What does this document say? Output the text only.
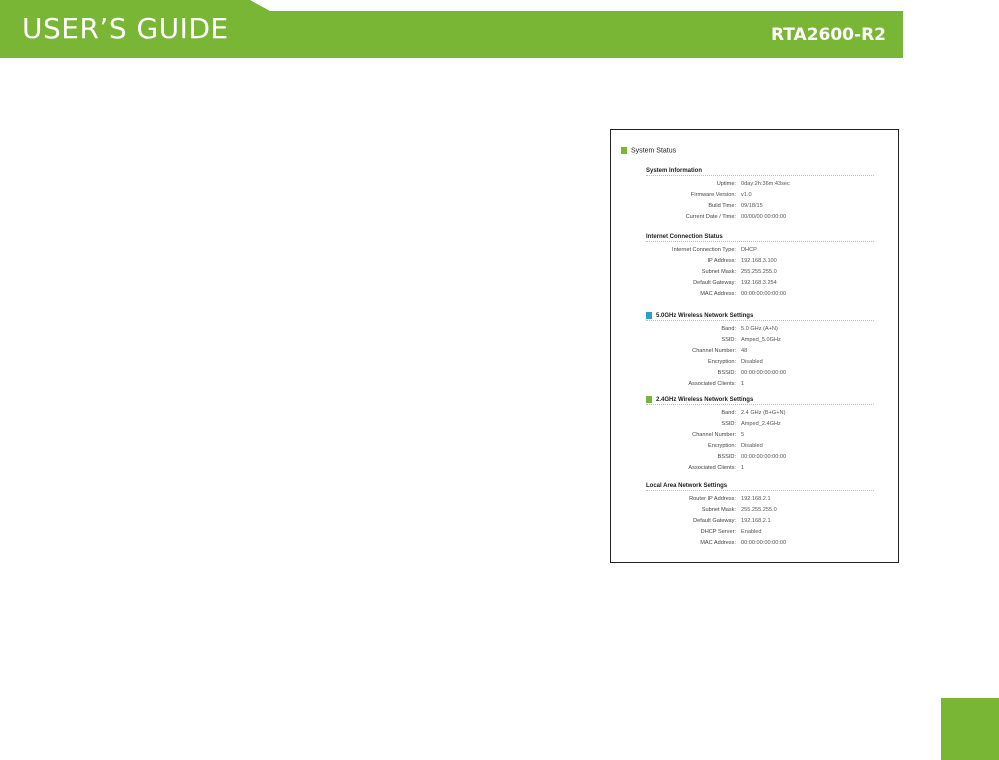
USER’S GUIDE	RTA2600-R2
System Status
System Information
Uptime: 0day:2h:36m:43sec
Firmware Version: v1.0
Build Time: 09/18/15
Current Date / Time: 00/00/00 00:00:00
Internet Connection Status
Internet Connection Type: DHCP
IP Address: 192.168.3.100
Subnet Mask: 255.255.255.0
Default Gateway: 192.168.3.254
MAC Address: 00:00:00:00:00:00
5.0GHz Wireless Network Settings
Band: 5.0 GHz (A+N)
SSID: Amped_5.0GHz
Channel Number: 48
Encryption: Disabled
BSSID: 00:00:00:00:00:00
Associated Clients: 1
2.4GHz Wireless Network Settings
Band: 2.4 GHz (B+G+N)
SSID: Amped_2.4GHz
Channel Number: 5
Encryption: Disabled
BSSID: 00:00:00:00:00:00
Associated Clients: 1
Local Area Network Settings
Router IP Address: 192.168.2.1
Subnet Mask: 255.255.255.0
Default Gateway: 192.168.2.1
DHCP Server: Enabled
MAC Address: 00:00:00:00:00:00
